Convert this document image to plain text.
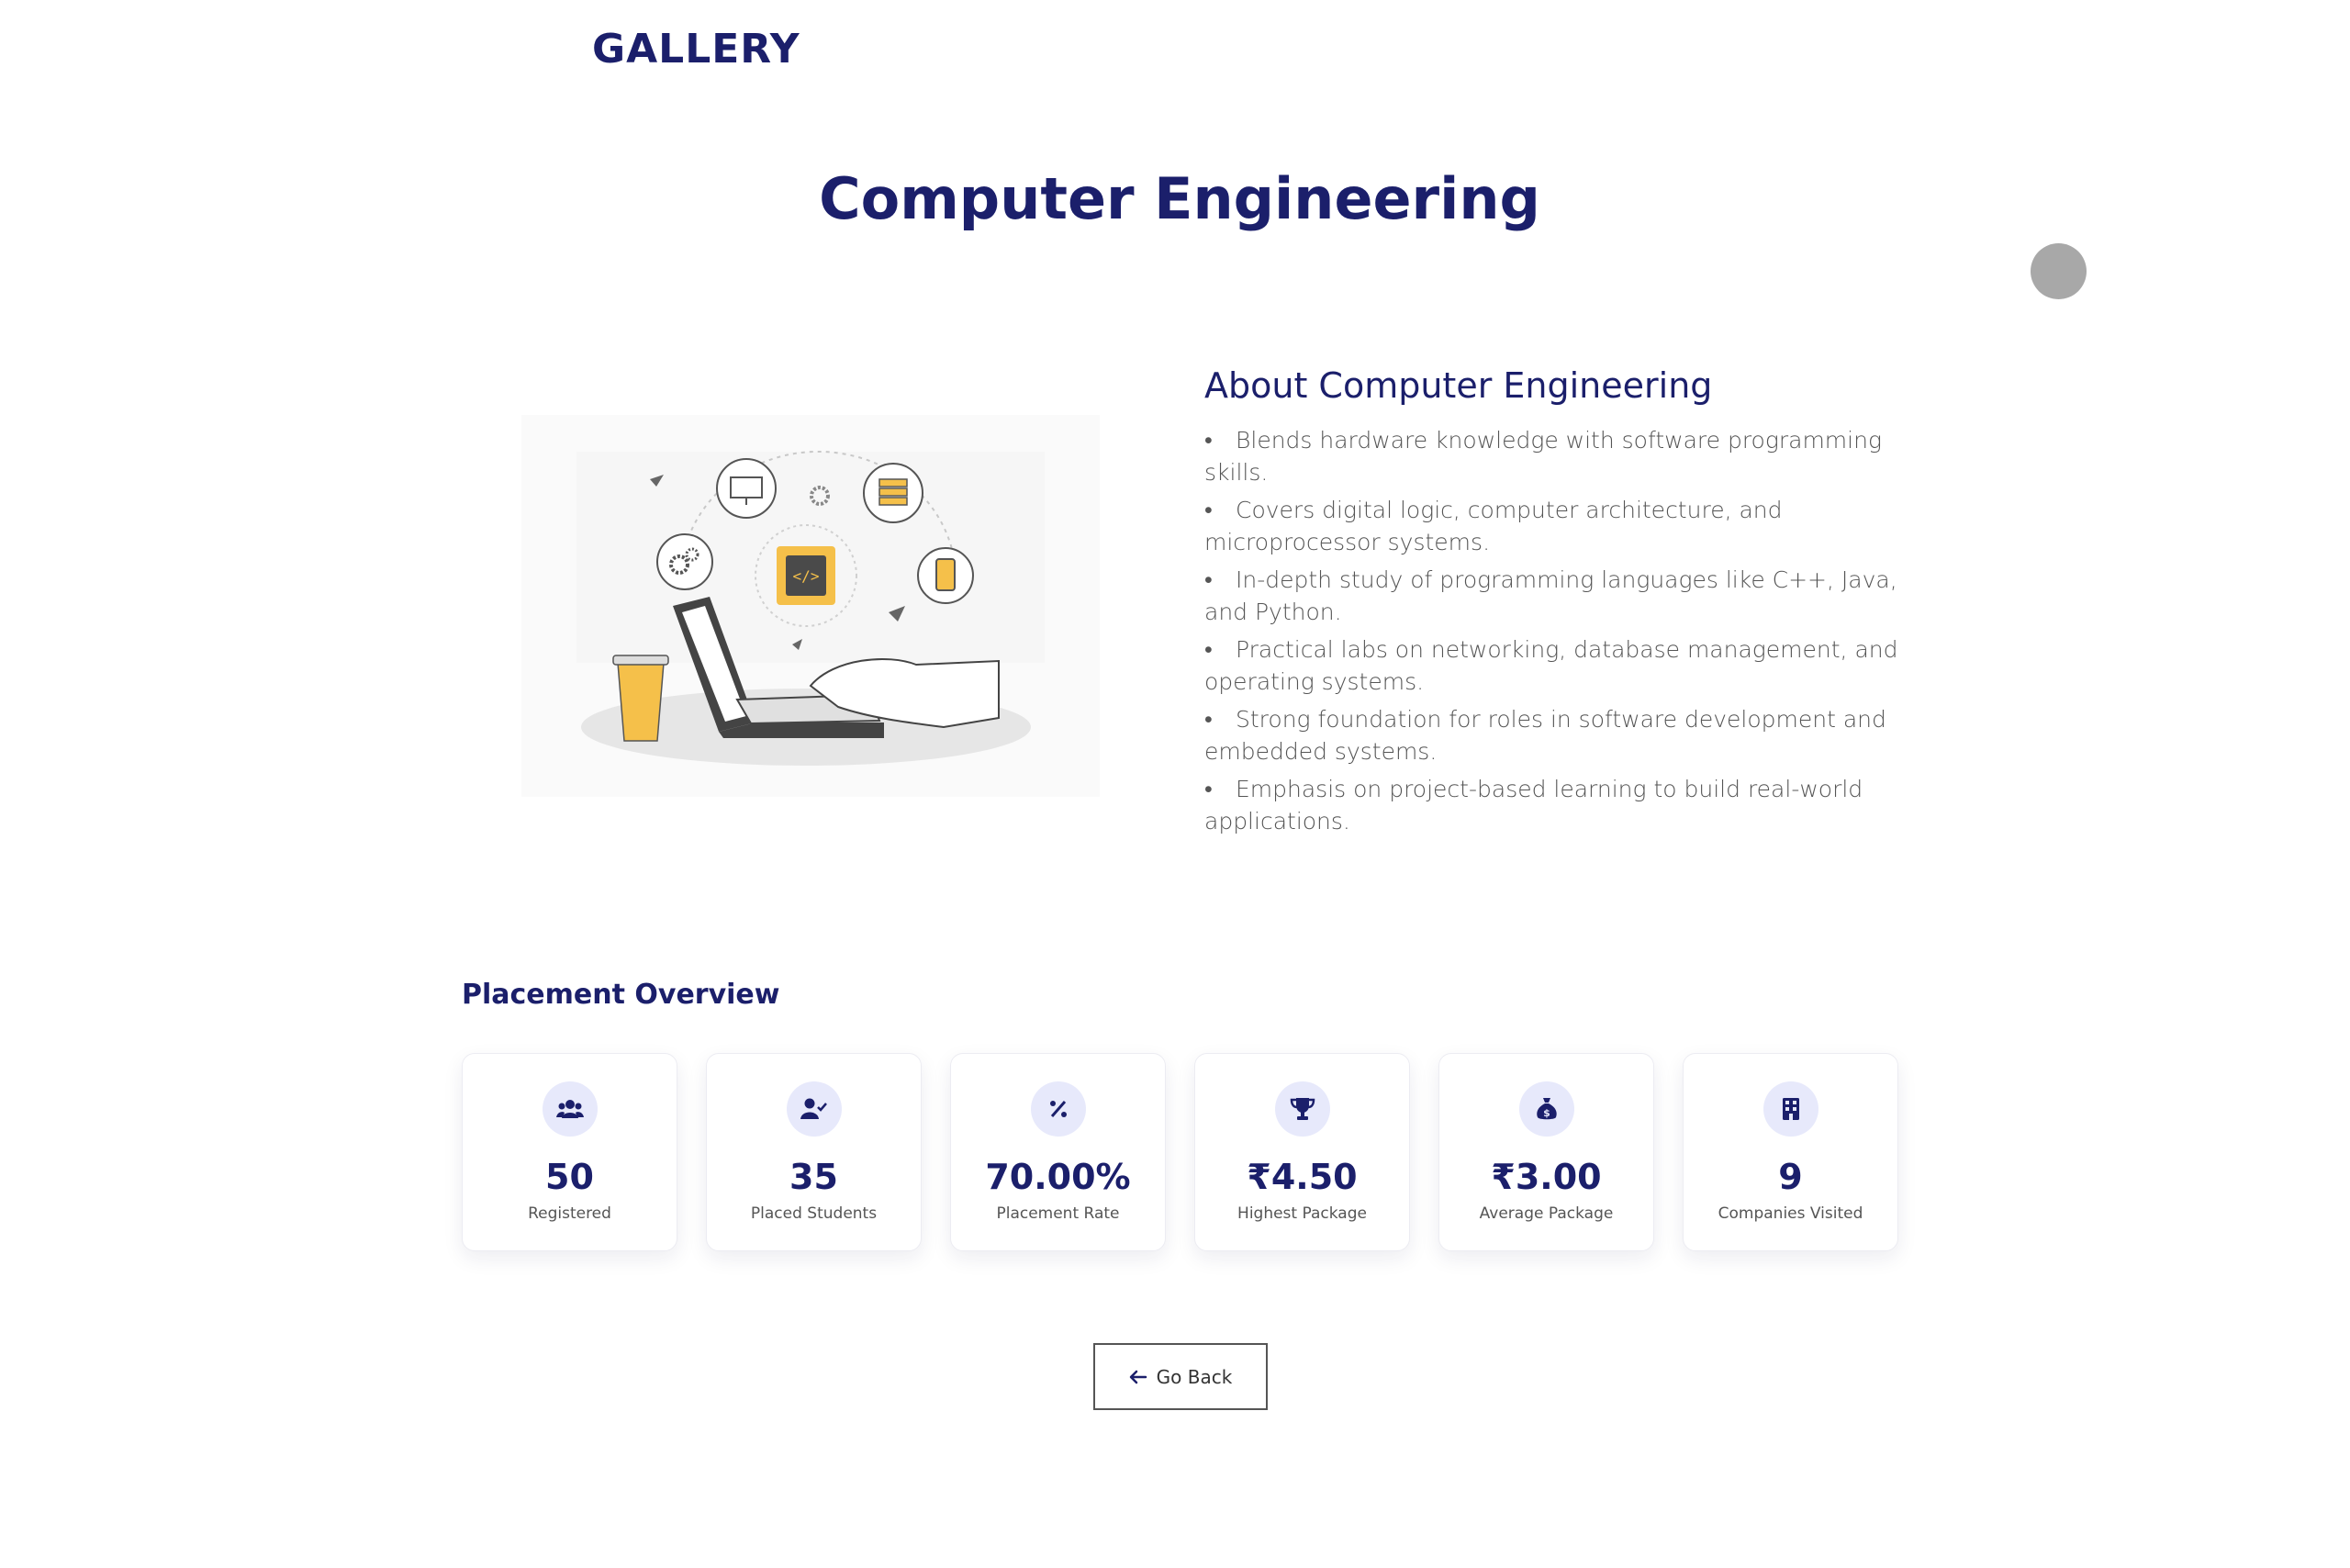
GALLERY
Computer Engineering
</>
About Computer Engineering
• Blends hardware knowledge with software programming skills.
• Covers digital logic, computer architecture, and microprocessor systems.
• In-depth study of programming languages like C++, Java, and Python.
• Practical labs on networking, database management, and operating systems.
• Strong foundation for roles in software development and embedded systems.
• Emphasis on project-based learning to build real-world applications.
Placement Overview
50
Registered
35
Placed Students
70.00%
Placement Rate
₹4.50
Highest Package
$
₹3.00
Average Package
9
Companies Visited
Go Back
